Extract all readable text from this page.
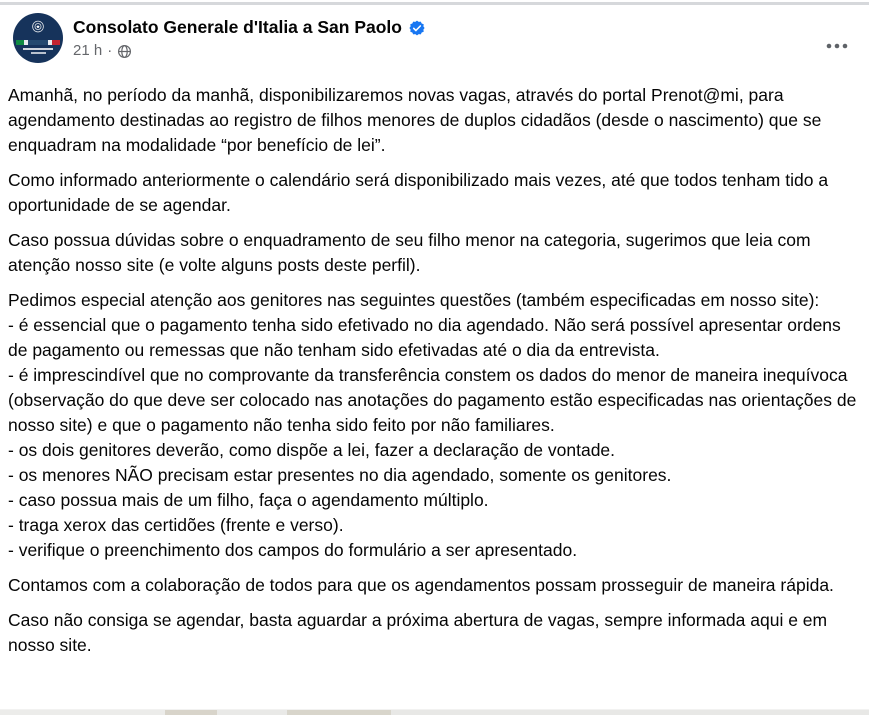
Consolato Generale d'Italia a San Paolo
21 h ·

Amanhã, no período da manhã, disponibilizaremos novas vagas, através do portal Prenot@mi, para agendamento destinadas ao registro de filhos menores de duplos cidadãos (desde o nascimento) que se enquadram na modalidade “por benefício de lei”.

Como informado anteriormente o calendário será disponibilizado mais vezes, até que todos tenham tido a oportunidade de se agendar.

Caso possua dúvidas sobre o enquadramento de seu filho menor na categoria, sugerimos que leia com atenção nosso site (e volte alguns posts deste perfil).

Pedimos especial atenção aos genitores nas seguintes questões (também especificadas em nosso site):
- é essencial que o pagamento tenha sido efetivado no dia agendado. Não será possível apresentar ordens de pagamento ou remessas que não tenham sido efetivadas até o dia da entrevista.
- é imprescindível que no comprovante da transferência constem os dados do menor de maneira inequívoca (observação do que deve ser colocado nas anotações do pagamento estão especificadas nas orientações de nosso site) e que o pagamento não tenha sido feito por não familiares.
- os dois genitores deverão, como dispõe a lei, fazer a declaração de vontade.
- os menores NÃO precisam estar presentes no dia agendado, somente os genitores.
- caso possua mais de um filho, faça o agendamento múltiplo.
- traga xerox das certidões (frente e verso).
- verifique o preenchimento dos campos do formulário a ser apresentado.

Contamos com a colaboração de todos para que os agendamentos possam prosseguir de maneira rápida.

Caso não consiga se agendar, basta aguardar a próxima abertura de vagas, sempre informada aqui e em nosso site.
